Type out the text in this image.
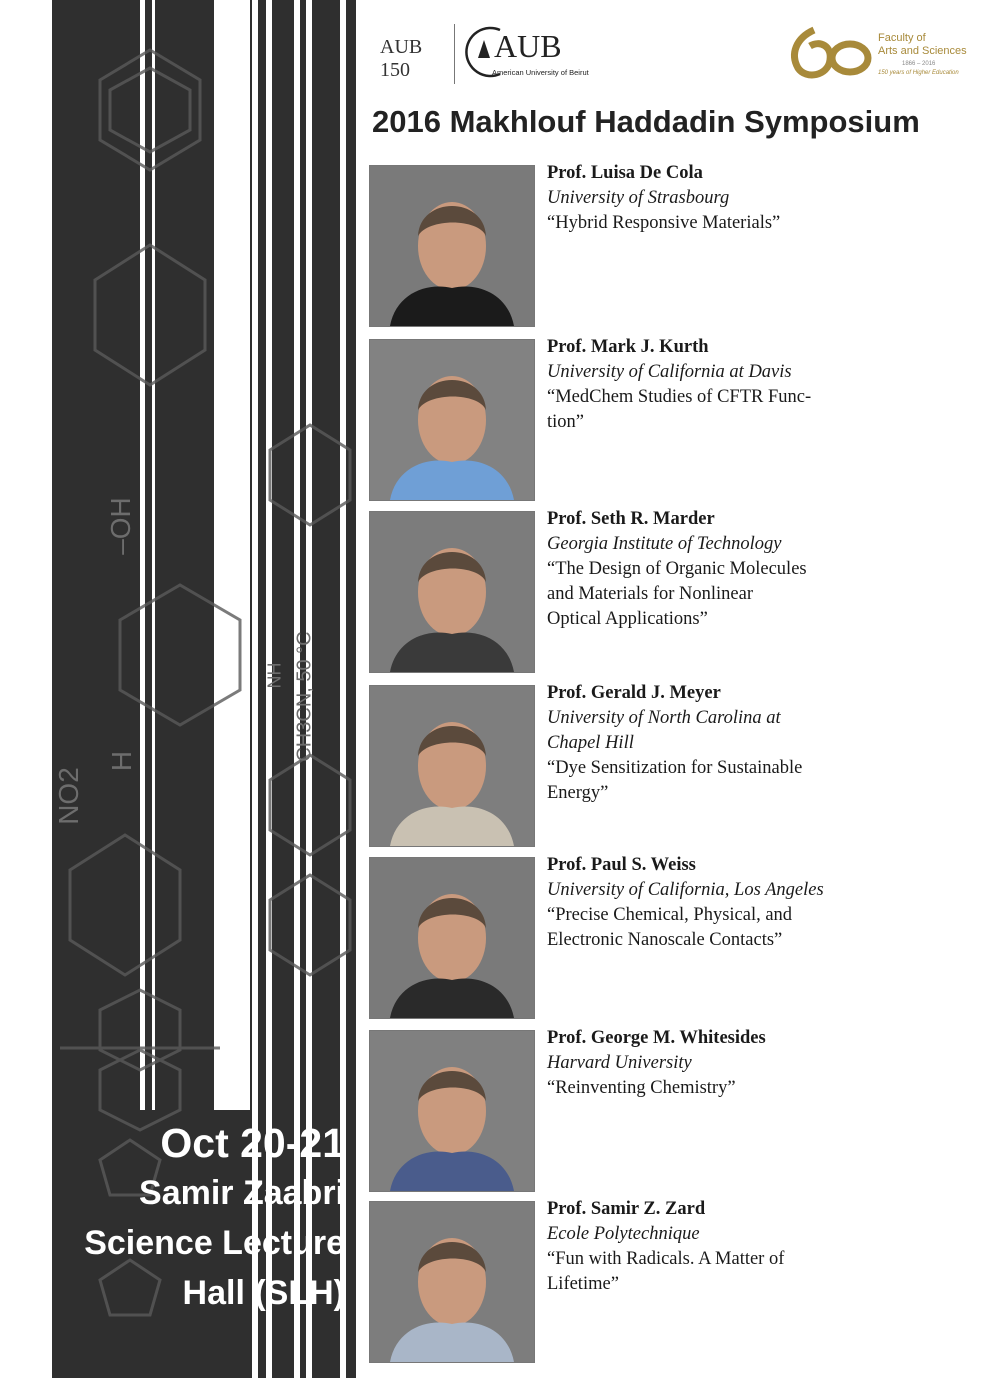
–OH
NO2
CH3CN, 50 °C
H
NH
Oct 20-21
Samir Zaabri
Science Lecture
Hall (SLH)
AUB 150
AUB
American University of Beirut
Faculty of
Arts and Sciences
1866 – 2016
150 years of Higher Education
2016 Makhlouf Haddadin Symposium
Prof. Luisa De Cola
University of Strasbourg
“Hybrid Responsive Materials”
Prof. Mark J. Kurth
University of California at Davis
“MedChem Studies of CFTR Func-
tion”
Prof. Seth R. Marder
Georgia Institute of Technology
“The Design of Organic Molecules
and Materials for Nonlinear
Optical Applications”
Prof. Gerald J. Meyer
University of North Carolina at
Chapel Hill
“Dye Sensitization for Sustainable
Energy”
Prof. Paul S. Weiss
University of California, Los Angeles
“Precise Chemical, Physical, and
Electronic Nanoscale Contacts”
Prof. George M. Whitesides
Harvard University
“Reinventing Chemistry”
Prof. Samir Z. Zard
Ecole Polytechnique
“Fun with Radicals. A Matter of
Lifetime”
